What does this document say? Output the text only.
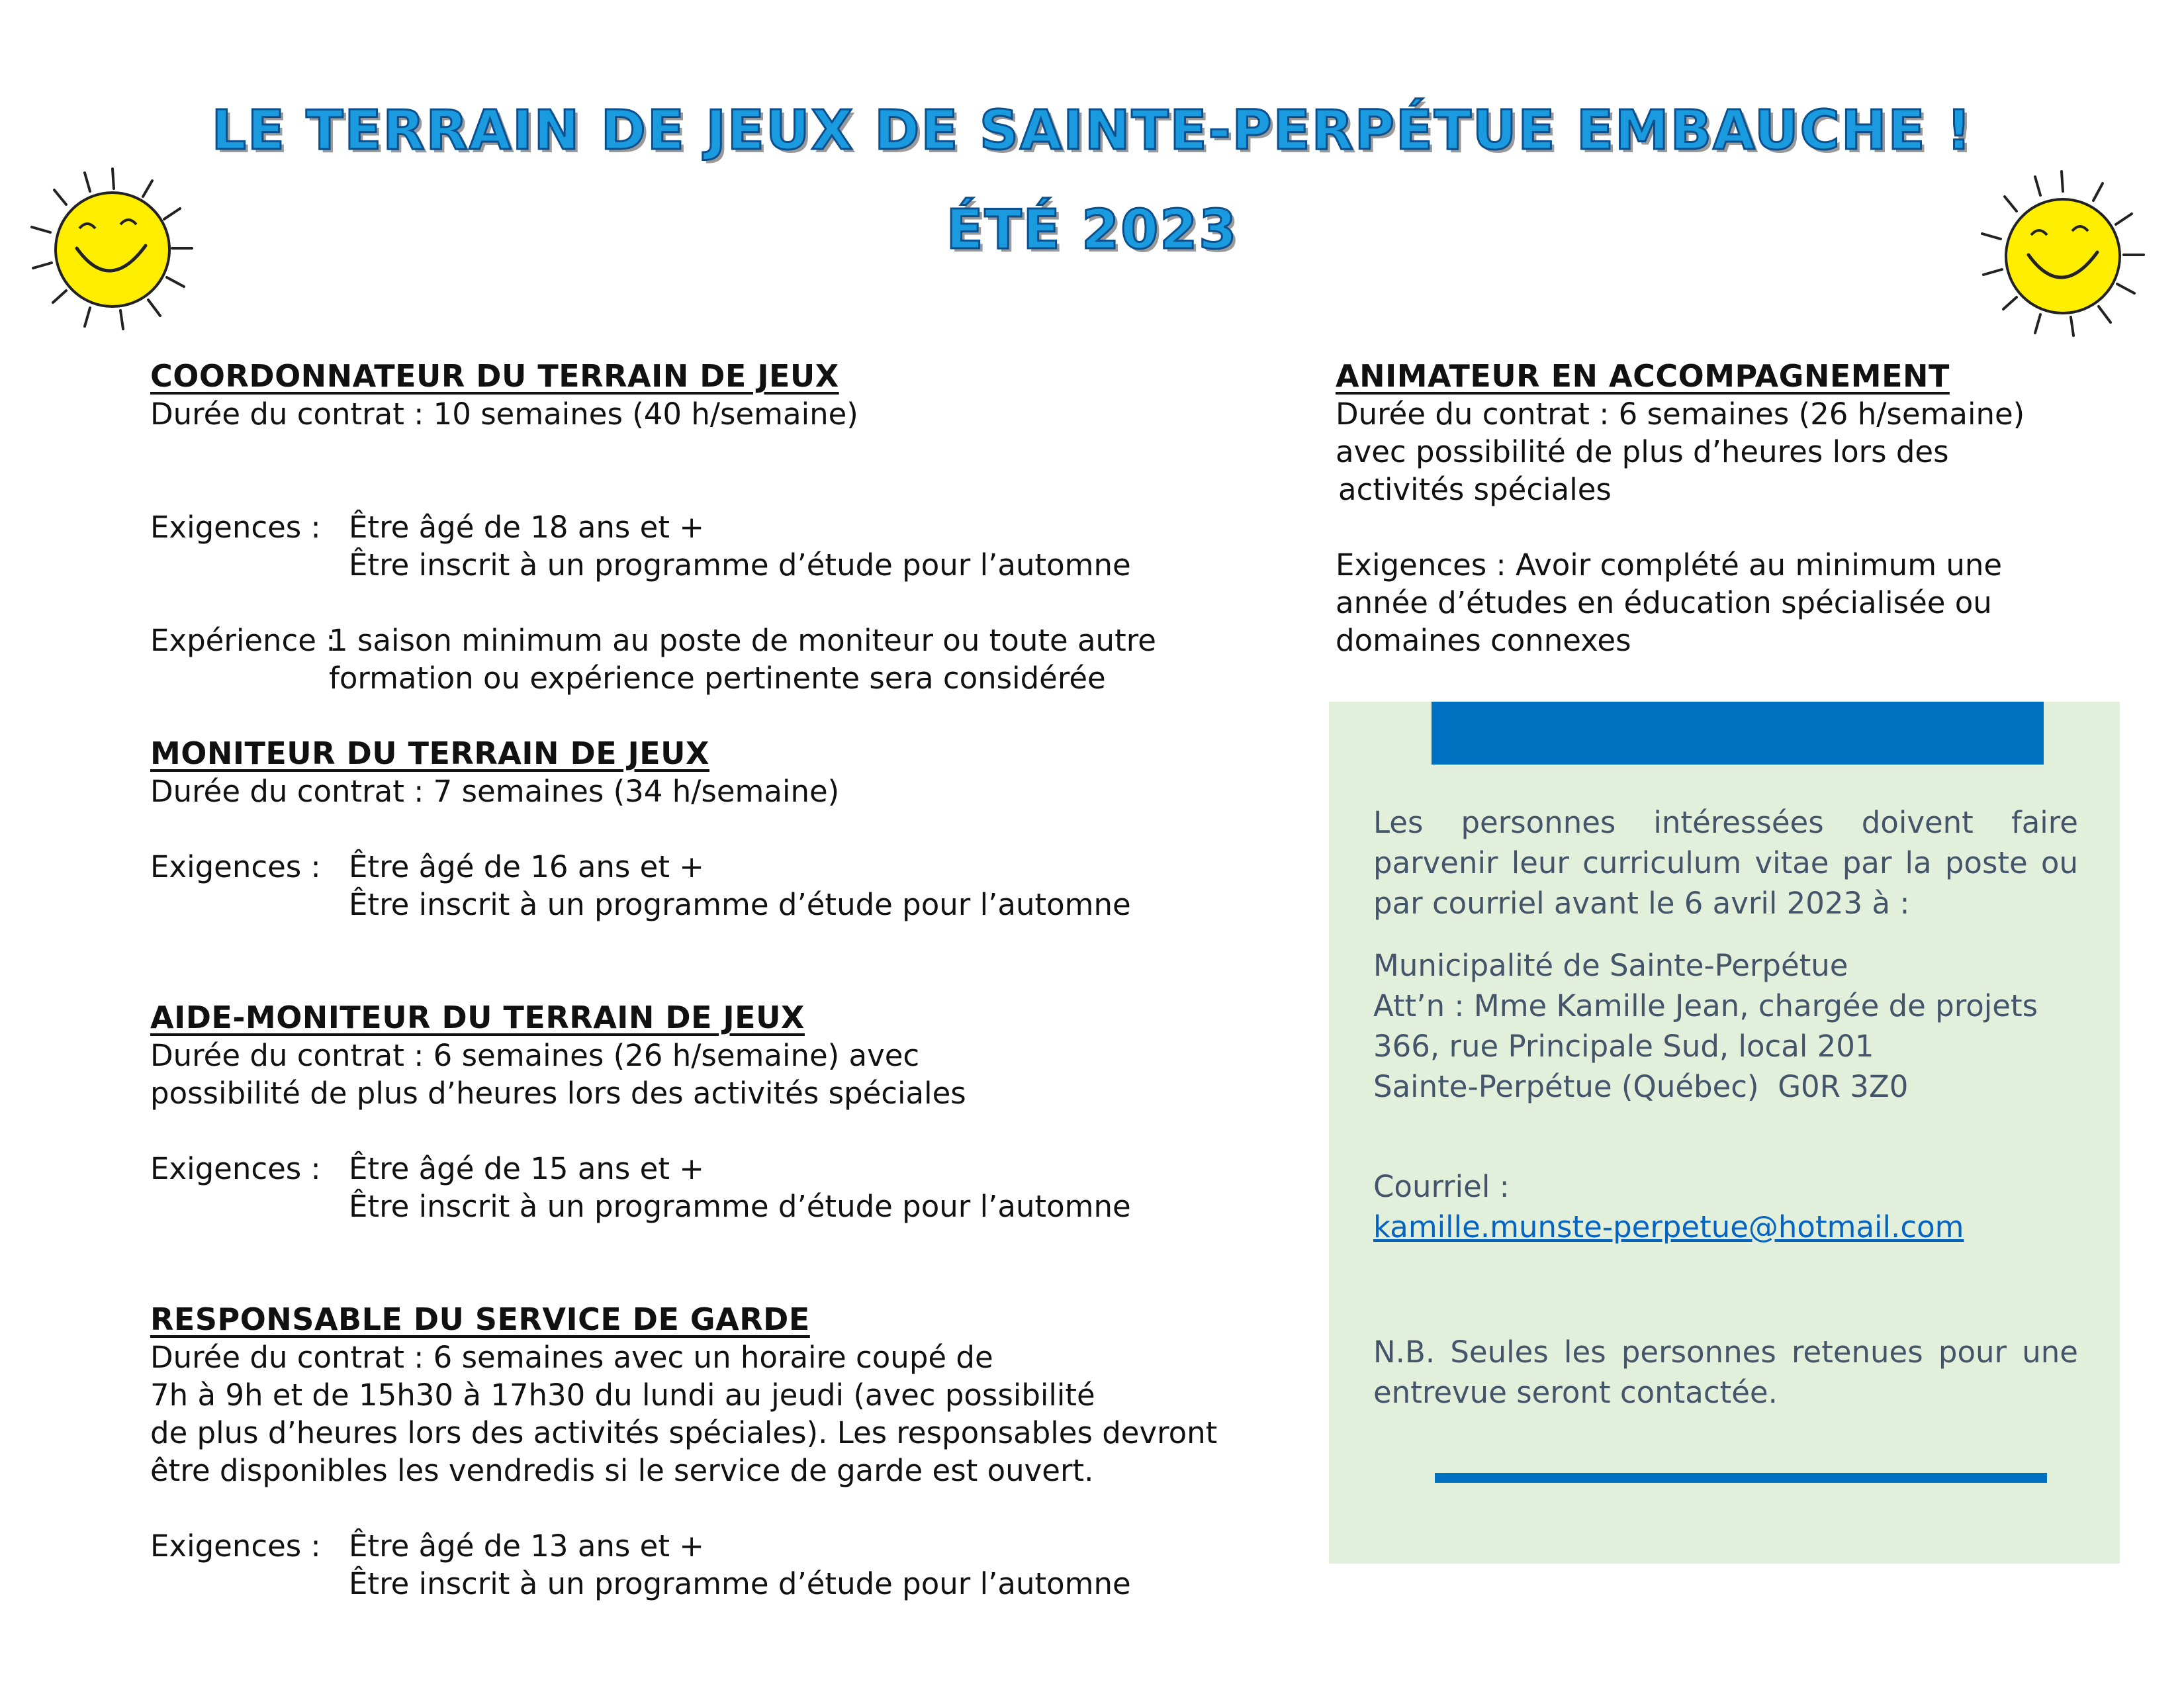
LE TERRAIN DE JEUX DE SAINTE-PERPÉTUE EMBAUCHE !
ÉTÉ 2023

COORDONNATEUR DU TERRAIN DE JEUX

Durée du contrat : 10 semaines (40 h/semaine)

Exigences : Être âgé de 18 ans et +

Être inscrit à un programme d’étude pour l’automne

Expérience :

1 saison minimum au poste de moniteur ou toute autre

formation ou expérience pertinente sera considérée

MONITEUR DU TERRAIN DE JEUX

Durée du contrat : 7 semaines (34 h/semaine)

Exigences : Être âgé de 16 ans et +

Être inscrit à un programme d’étude pour l’automne

AIDE-MONITEUR DU TERRAIN DE JEUX

Durée du contrat : 6 semaines (26 h/semaine) avec

possibilité de plus d’heures lors des activités spéciales

Exigences : Être âgé de 15 ans et +

Être inscrit à un programme d’étude pour l’automne

RESPONSABLE DU SERVICE DE GARDE

Durée du contrat : 6 semaines avec un horaire coupé de

7h à 9h et de 15h30 à 17h30 du lundi au jeudi (avec possibilité

de plus d’heures lors des activités spéciales). Les responsables devront

être disponibles les vendredis si le service de garde est ouvert.

Exigences : Être âgé de 13 ans et +

Être inscrit à un programme d’étude pour l’automne

ANIMATEUR EN ACCOMPAGNEMENT

Durée du contrat : 6 semaines (26 h/semaine)

avec possibilité de plus d’heures lors des

activités spéciales

Exigences : Avoir complété au minimum une

année d’études en éducation spécialisée ou

domaines connexes

Les personnes intéressées doivent faire parvenir leur curriculum vitae par la poste ou par courriel avant le 6 avril 2023 à :

Municipalité de Sainte-Perpétue

Att’n : Mme Kamille Jean, chargée de projets

366, rue Principale Sud, local 201

Sainte-Perpétue (Québec)  G0R 3Z0

Courriel :
kamille.munste-perpetue@hotmail.com
N.B. Seules les personnes retenues pour une entrevue seront contactée.
